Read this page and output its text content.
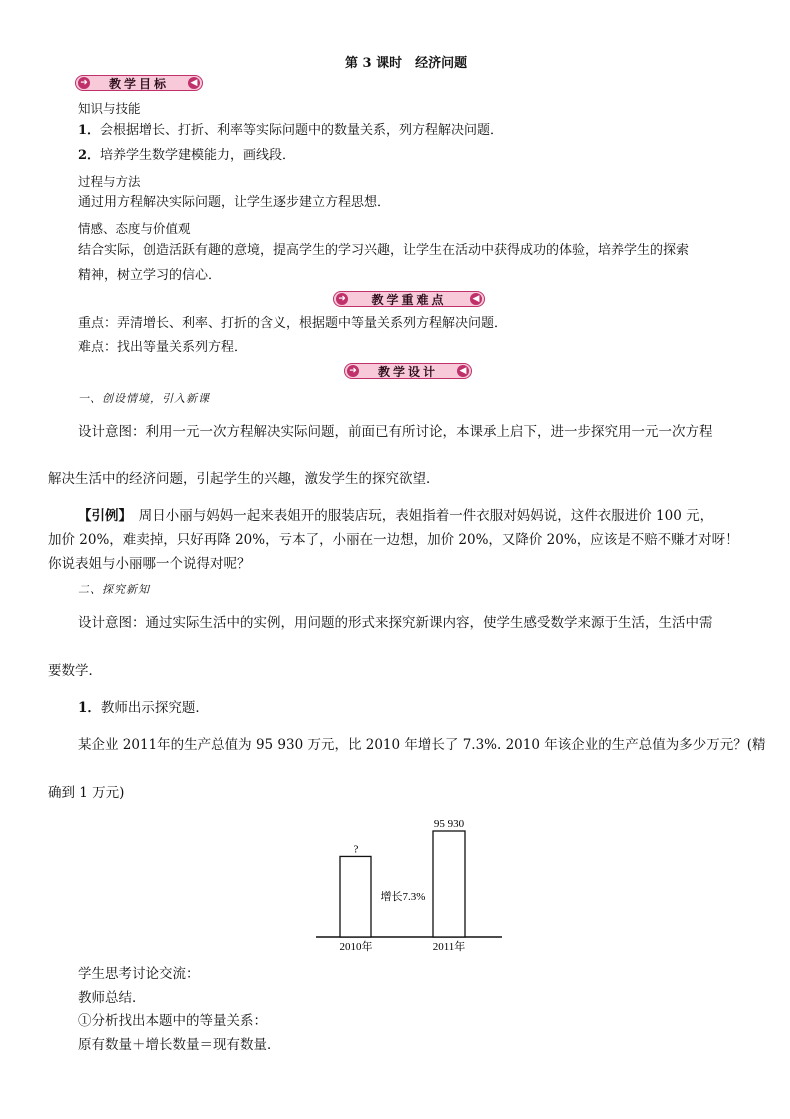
第 3 课时　经济问题
➜ 教学目标 ◀
知识与技能
1．会根据增长、打折、利率等实际问题中的数量关系，列方程解决问题．
2．培养学生数学建模能力，画线段．
过程与方法
通过用方程解决实际问题，让学生逐步建立方程思想．
情感、态度与价值观
结合实际，创造活跃有趣的意境，提高学生的学习兴趣，让学生在活动中获得成功的体验，培养学生的探索
精神，树立学习的信心．
➜ 教学重难点	◀
重点：弄清增长、利率、打折的含义，根据题中等量关系列方程解决问题．
难点：找出等量关系列方程．
➜ 教学设计 ◀
一、创设情境，引入新课
设计意图：利用一元一次方程解决实际问题，前面已有所讨论，本课承上启下，进一步探究用一元一次方程
解决生活中的经济问题，引起学生的兴趣，激发学生的探究欲望．
【引例】　 周日小丽与妈妈一起来表姐开的服装店玩，表姐指着一件衣服对妈妈说，这件衣服进价 100 元，
加价 20%，难卖掉，只好再降 20%，亏本了，小丽在一边想，加价 20%，又降价 20%，应该是不赔不赚才对呀！
你说表姐与小丽哪一个说得对呢？
二、探究新知
设计意图：通过实际生活中的实例，用问题的形式来探究新课内容，使学生感受数学来源于生活，生活中需
要数学．
1．教师出示探究题．
某企业 2011年的生产总值为 95 930 万元，比 2010 年增长了 7.3%. 2010 年该企业的生产总值为多少万元？(精
确到 1 万元)
?
95 930
2010年	2011年
增长7.3%
学生思考讨论交流：
教师总结．
①分析找出本题中的等量关系：
原有数量＋增长数量＝现有数量．
